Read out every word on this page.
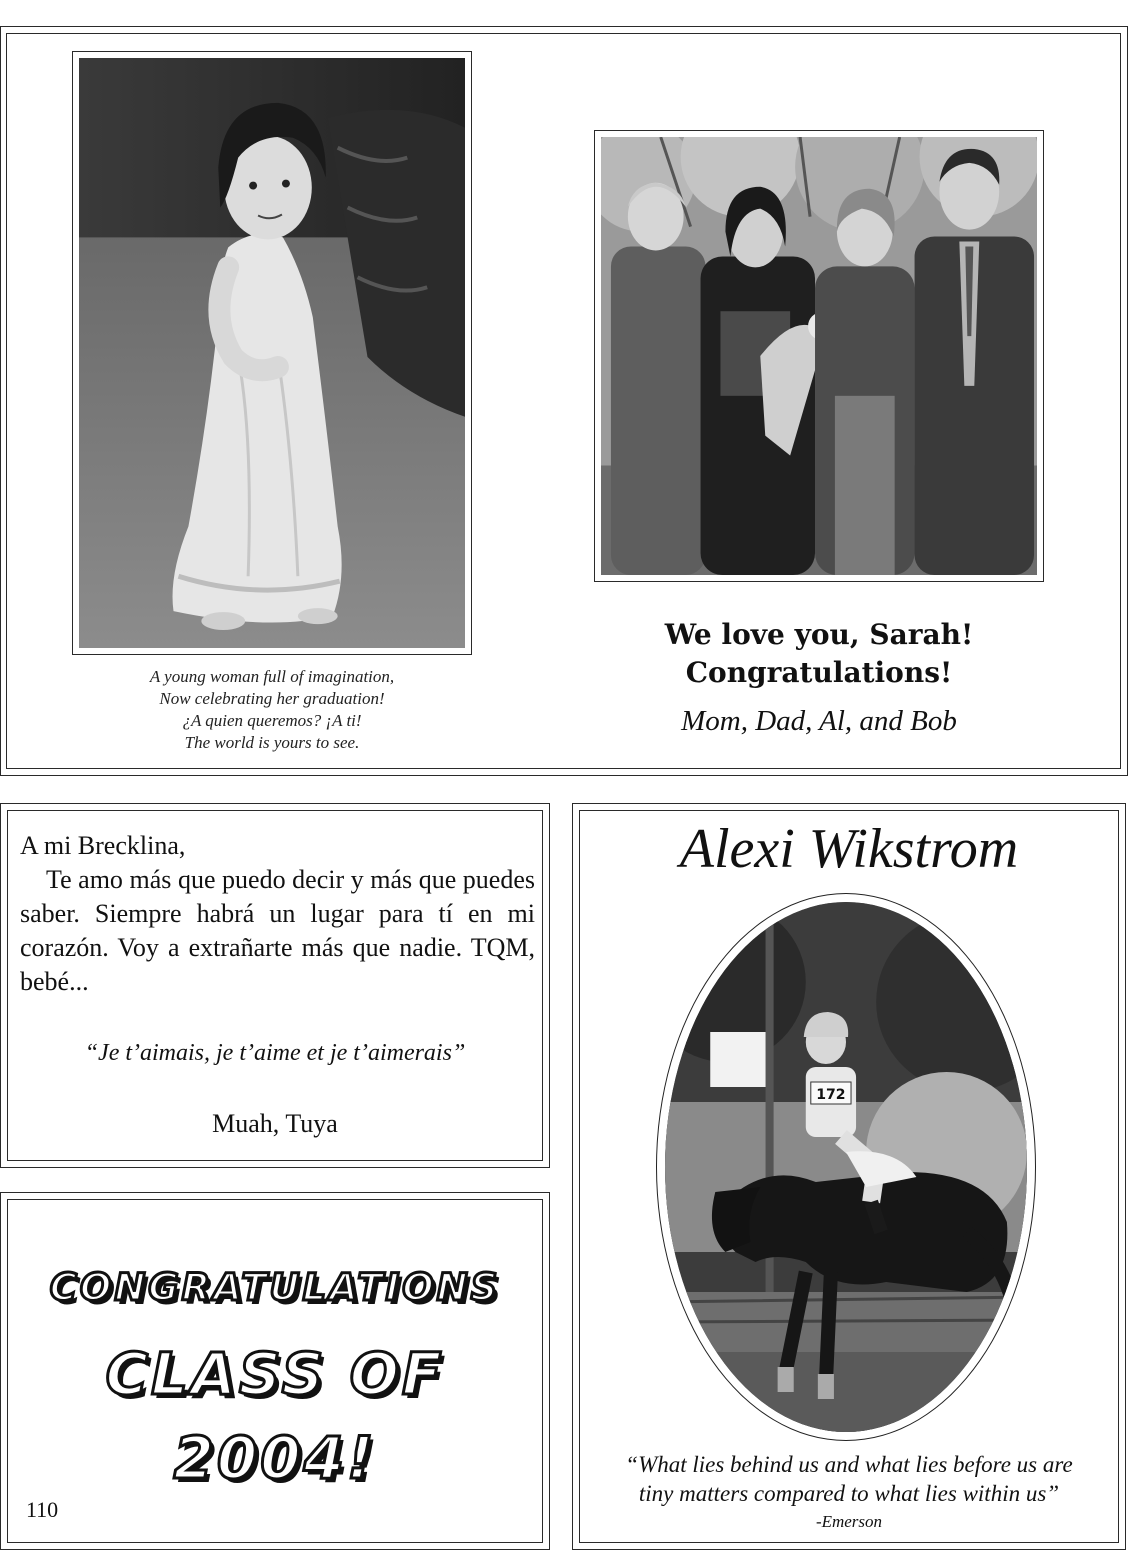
A young woman full of imagination,
Now celebrating her graduation!
¿A quien queremos? ¡A ti!
The world is yours to see.
We love you, Sarah!
Congratulations!
Mom, Dad, Al, and Bob

A mi Brecklina,

Te amo más que puedo decir y más que puedes saber. Siempre habrá un lugar para tí en mi corazón. Voy a extrañarte más que nadie. TQM, bebé...

“Je t’aimais, je t’aime et je t’aimerais”
Muah, Tuya
CONGRATULATIONS
CLASS OF
2004!
110
Alexi Wikstrom
172
“What lies behind us and what lies before us are
tiny matters compared to what lies within us”
-Emerson
